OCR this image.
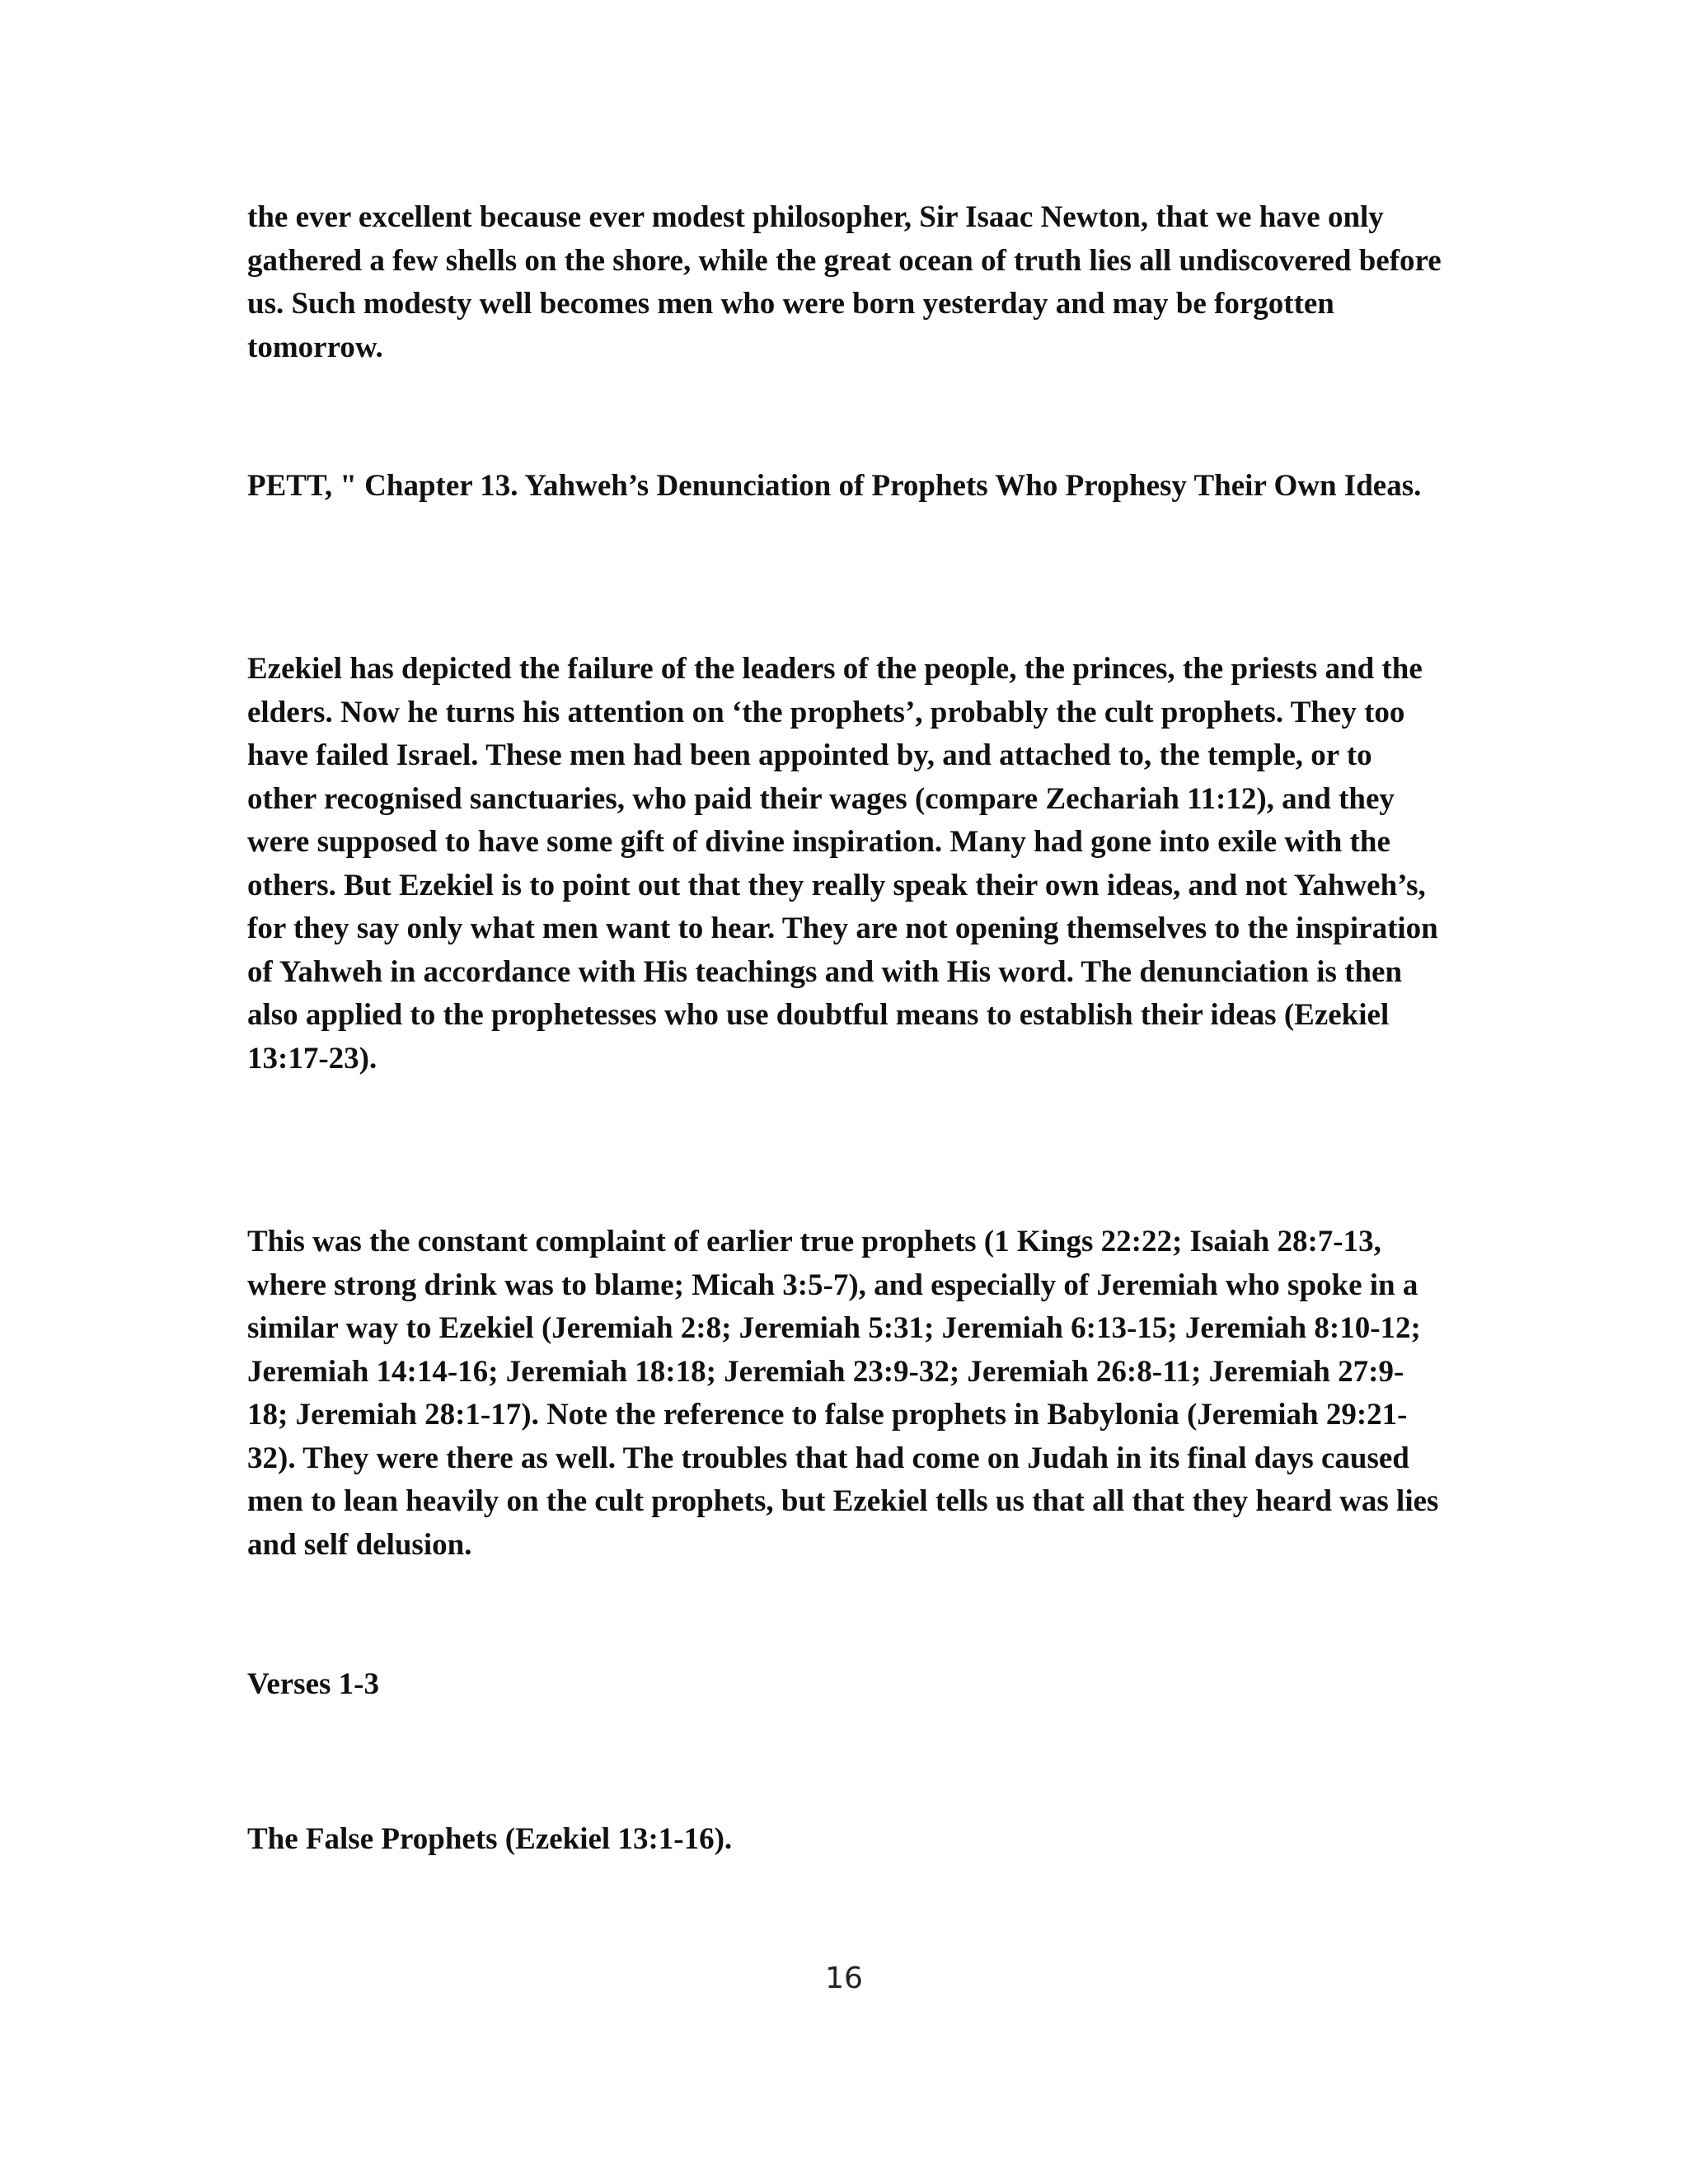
the ever excellent because ever modest philosopher, Sir Isaac Newton, that we have only gathered a few shells on the shore, while the great ocean of truth lies all undiscovered before us. Such modesty well becomes men who were born yesterday and may be forgotten tomorrow.

PETT, " Chapter 13. Yahweh’s Denunciation of Prophets Who Prophesy Their Own Ideas.

Ezekiel has depicted the failure of the leaders of the people, the princes, the priests and the elders. Now he turns his attention on ‘the prophets’, probably the cult prophets. They too have failed Israel. These men had been appointed by, and attached to, the temple, or to other recognised sanctuaries, who paid their wages (compare Zechariah 11:12), and they were supposed to have some gift of divine inspiration. Many had gone into exile with the others. But Ezekiel is to point out that they really speak their own ideas, and not Yahweh’s, for they say only what men want to hear. They are not opening themselves to the inspiration of Yahweh in accordance with His teachings and with His word. The denunciation is then also applied to the prophetesses who use doubtful means to establish their ideas (Ezekiel 13:17-23).

This was the constant complaint of earlier true prophets (1 Kings 22:22; Isaiah 28:7-13, where strong drink was to blame; Micah 3:5-7), and especially of Jeremiah who spoke in a similar way to Ezekiel (Jeremiah 2:8; Jeremiah 5:31; Jeremiah 6:13-15; Jeremiah 8:10-12; Jeremiah 14:14-16; Jeremiah 18:18; Jeremiah 23:9-32; Jeremiah 26:8-11; Jeremiah 27:9-18; Jeremiah 28:1-17). Note the reference to false prophets in Babylonia (Jeremiah 29:21-32). They were there as well. The troubles that had come on Judah in its final days caused men to lean heavily on the cult prophets, but Ezekiel tells us that all that they heard was lies and self delusion.

Verses 1-3

The False Prophets (Ezekiel 13:1-16).

16
